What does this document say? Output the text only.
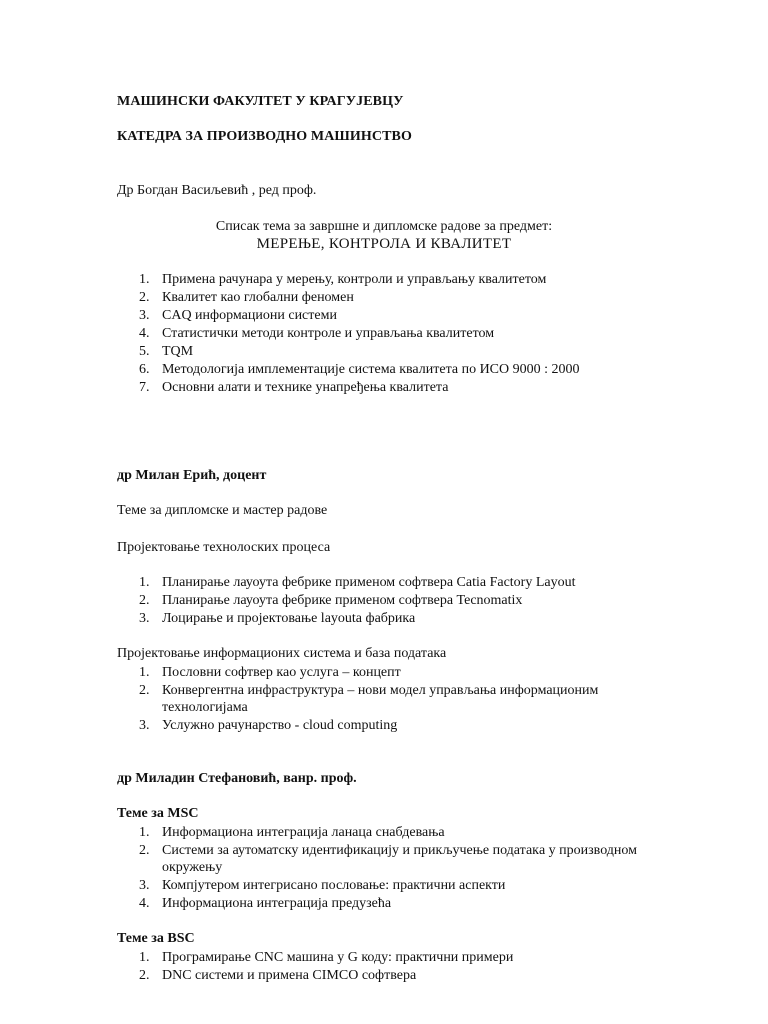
МАШИНСКИ ФАКУЛТЕТ У КРАГУЈЕВЦУ
КАТЕДРА ЗА ПРОИЗВОДНО МАШИНСТВО
Др Богдан Васиљевић , ред проф.
Списак тема за завршне и дипломске радове за предмет:
МЕРЕЊЕ, КОНТРОЛА И КВАЛИТЕТ
1. Примена рачунара у мерењу, контроли и управљању квалитетом
2. Квалитет као глобални феномен
3. CAQ информациони системи
4. Статистички методи контроле и управљања квалитетом
5. TQM
6. Методологија имплементације система квалитета по ИСО 9000 : 2000
7. Основни алати и технике унапређења квалитета
др Милан Ерић, доцент
Теме за дипломске и мастер радове
Пројектовање технолоских процеса
1. Планирање лауоута фебрике применом софтвера Catia Factory Layout
2. Планирање лауоута фебрике применом софтвера Tecnomatix
3. Лоцирање и пројектовање layouta фабрика
Пројектовање информационих система и база података
1. Пословни софтвер као услуга – концепт
2. Конвергентна инфраструктура – нови модел управљања информационим технологијама
3. Услужно рачунарство - cloud computing
др Миладин Стефановић, ванр. проф.
Теме за MSC
1. Информациона интеграција ланаца снабдевања
2. Системи за аутоматску идентификацију и прикључење податакa у производном окружењу
3. Компјутером интегрисано пословање: практични аспекти
4. Информациона интеграција предузећа
Теме за BSC
1. Програмирање CNC машина у G коду: практични примери
2. DNC системи и примена CIMCO софтвера
